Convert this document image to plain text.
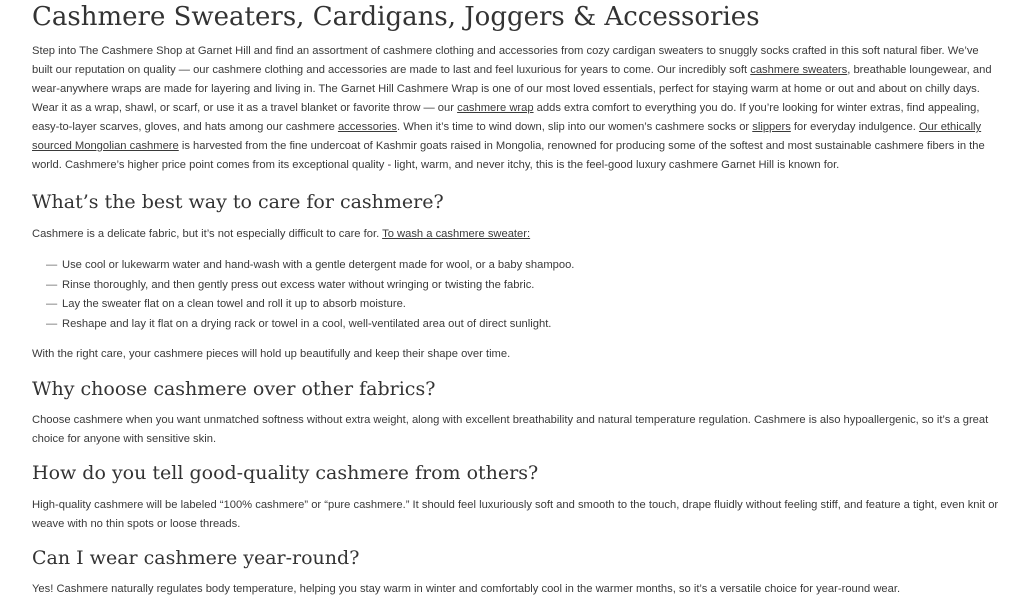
Cashmere Sweaters, Cardigans, Joggers & Accessories

Step into The Cashmere Shop at Garnet Hill and find an assortment of cashmere clothing and accessories from cozy cardigan sweaters to snuggly socks crafted in this soft natural fiber. We’ve built our reputation on quality — our cashmere clothing and accessories are made to last and feel luxurious for years to come. Our incredibly soft cashmere sweaters, breathable loungewear, and wear-anywhere wraps are made for layering and living in. The Garnet Hill Cashmere Wrap is one of our most loved essentials, perfect for staying warm at home or out and about on chilly days. Wear it as a wrap, shawl, or scarf, or use it as a travel blanket or favorite throw — our cashmere wrap adds extra comfort to everything you do. If you’re looking for winter extras, find appealing, easy-to-layer scarves, gloves, and hats among our cashmere accessories. When it’s time to wind down, slip into our women’s cashmere socks or slippers for everyday indulgence. Our ethically sourced Mongolian cashmere is harvested from the fine undercoat of Kashmir goats raised in Mongolia, renowned for producing some of the softest and most sustainable cashmere fibers in the world. Cashmere’s higher price point comes from its exceptional quality - light, warm, and never itchy, this is the feel-good luxury cashmere Garnet Hill is known for.

What’s the best way to care for cashmere?

Cashmere is a delicate fabric, but it’s not especially difficult to care for. To wash a cashmere sweater:

— Use cool or lukewarm water and hand-wash with a gentle detergent made for wool, or a baby shampoo.
— Rinse thoroughly, and then gently press out excess water without wringing or twisting the fabric.
— Lay the sweater flat on a clean towel and roll it up to absorb moisture.
— Reshape and lay it flat on a drying rack or towel in a cool, well-ventilated area out of direct sunlight.

With the right care, your cashmere pieces will hold up beautifully and keep their shape over time.

Why choose cashmere over other fabrics?

Choose cashmere when you want unmatched softness without extra weight, along with excellent breathability and natural temperature regulation. Cashmere is also hypoallergenic, so it’s a great choice for anyone with sensitive skin.

How do you tell good-quality cashmere from others?

High-quality cashmere will be labeled “100% cashmere” or “pure cashmere.” It should feel luxuriously soft and smooth to the touch, drape fluidly without feeling stiff, and feature a tight, even knit or weave with no thin spots or loose threads.

Can I wear cashmere year-round?

Yes! Cashmere naturally regulates body temperature, helping you stay warm in winter and comfortably cool in the warmer months, so it’s a versatile choice for year-round wear.
